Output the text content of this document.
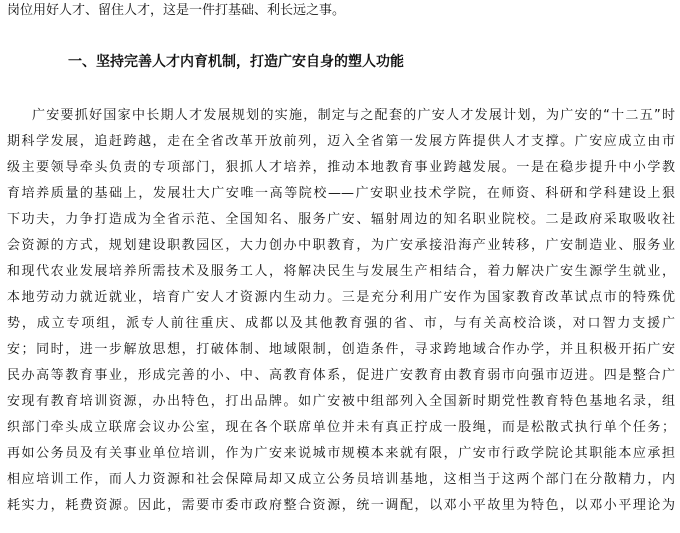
岗位用好人才、留住人才，这是一件打基础、利长远之事。
一、坚持完善人才内育机制，打造广安自身的塑人功能
广安要抓好国家中长期人才发展规划的实施，制定与之配套的广安人才发展计划，为广安的“十二五”时
期科学发展，追赶跨越，走在全省改革开放前列，迈入全省第一发展方阵提供人才支撑。广安应成立由市
级主要领导牵头负责的专项部门，狠抓人才培养，推动本地教育事业跨越发展。一是在稳步提升中小学教
育培养质量的基础上，发展壮大广安唯一高等院校——广安职业技术学院，在师资、科研和学科建设上狠
下功夫，力争打造成为全省示范、全国知名、服务广安、辐射周边的知名职业院校。二是政府采取吸收社
会资源的方式，规划建设职教园区，大力创办中职教育，为广安承接沿海产业转移，广安制造业、服务业
和现代农业发展培养所需技术及服务工人，将解决民生与发展生产相结合，着力解决广安生源学生就业，
本地劳动力就近就业，培育广安人才资源内生动力。三是充分利用广安作为国家教育改革试点市的特殊优
势，成立专项组，派专人前往重庆、成都以及其他教育强的省、市，与有关高校洽谈，对口智力支援广
安；同时，进一步解放思想，打破体制、地域限制，创造条件，寻求跨地域合作办学，并且积极开拓广安
民办高等教育事业，形成完善的小、中、高教育体系，促进广安教育由教育弱市向强市迈进。四是整合广
安现有教育培训资源，办出特色，打出品牌。如广安被中组部列入全国新时期党性教育特色基地名录，组
织部门牵头成立联席会议办公室，现在各个联席单位并未有真正拧成一股绳，而是松散式执行单个任务；
再如公务员及有关事业单位培训，作为广安来说城市规模本来就有限，广安市行政学院论其职能本应承担
相应培训工作，而人力资源和社会保障局却又成立公务员培训基地，这相当于这两个部门在分散精力，内
耗实力，耗费资源。因此，需要市委市政府整合资源，统一调配，以邓小平故里为特色，以邓小平理论为
